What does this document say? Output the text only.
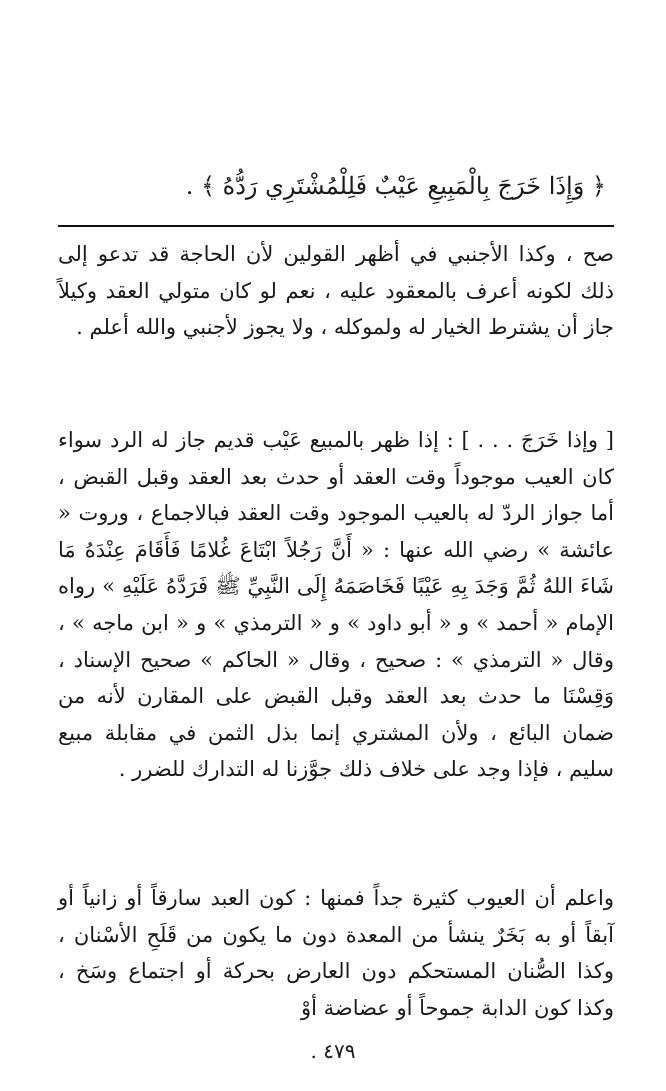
﴿ وَإِذَا خَرَجَ بِالْمَبِيعِ عَيْبٌ فَلِلْمُشْتَرِي رَدُّهُ ﴾ .
صح ، وكذا الأجنبي في أظهر القولين لأن الحاجة قد تدعو إلى ذلك لكونه أعرف بالمعقود عليه ، نعم لو كان متولي العقد وكيلاً جاز أن يشترط الخيار له ولموكله ، ولا يجوز لأجنبي والله أعلم .
[ وإذا خَرَجَ . . . ] : إذا ظهر بالمبيع عَيْب قديم جاز له الرد سواء كان العيب موجوداً وقت العقد أو حدث بعد العقد وقبل القبض ، أما جواز الردّ له بالعيب الموجود وقت العقد فبالاجماع ، وروت « عائشة » رضي الله عنها : « أَنَّ رَجُلاً ابْتَاعَ غُلامًا فَأَقَامَ عِنْدَهُ مَا شَاءَ اللهُ ثُمَّ وَجَدَ بِهِ عَيْبًا فَخَاصَمَهُ إِلَى النَّبِيِّ ﷺ فَرَدَّهُ عَلَيْهِ » رواه الإمام « أحمد » و « أبو داود » و « الترمذي » و « ابن ماجه » ، وقال « الترمذي » : صحيح ، وقال « الحاكم » صحيح الإسناد ، وَقِسْنَا ما حدث بعد العقد وقبل القبض على المقارن لأنه من ضمان البائع ، ولأن المشتري إنما بذل الثمن في مقابلة مبيع سليم ، فإذا وجد على خلاف ذلك جوَّزنا له التدارك للضرر .
واعلم أن العيوب كثيرة جداً فمنها : كون العبد سارقاً أو زانياً أو آبقاً أو به بَخَرٌ ينشأ من المعدة دون ما يكون من قَلَحِ الأسْنان ، وكذا الصُّنان المستحكم دون العارض بحركة أو اجتماع وسَخ ، وكذا كون الدابة جموحاً أو عضاضة أوْ
٤٧٩ .
